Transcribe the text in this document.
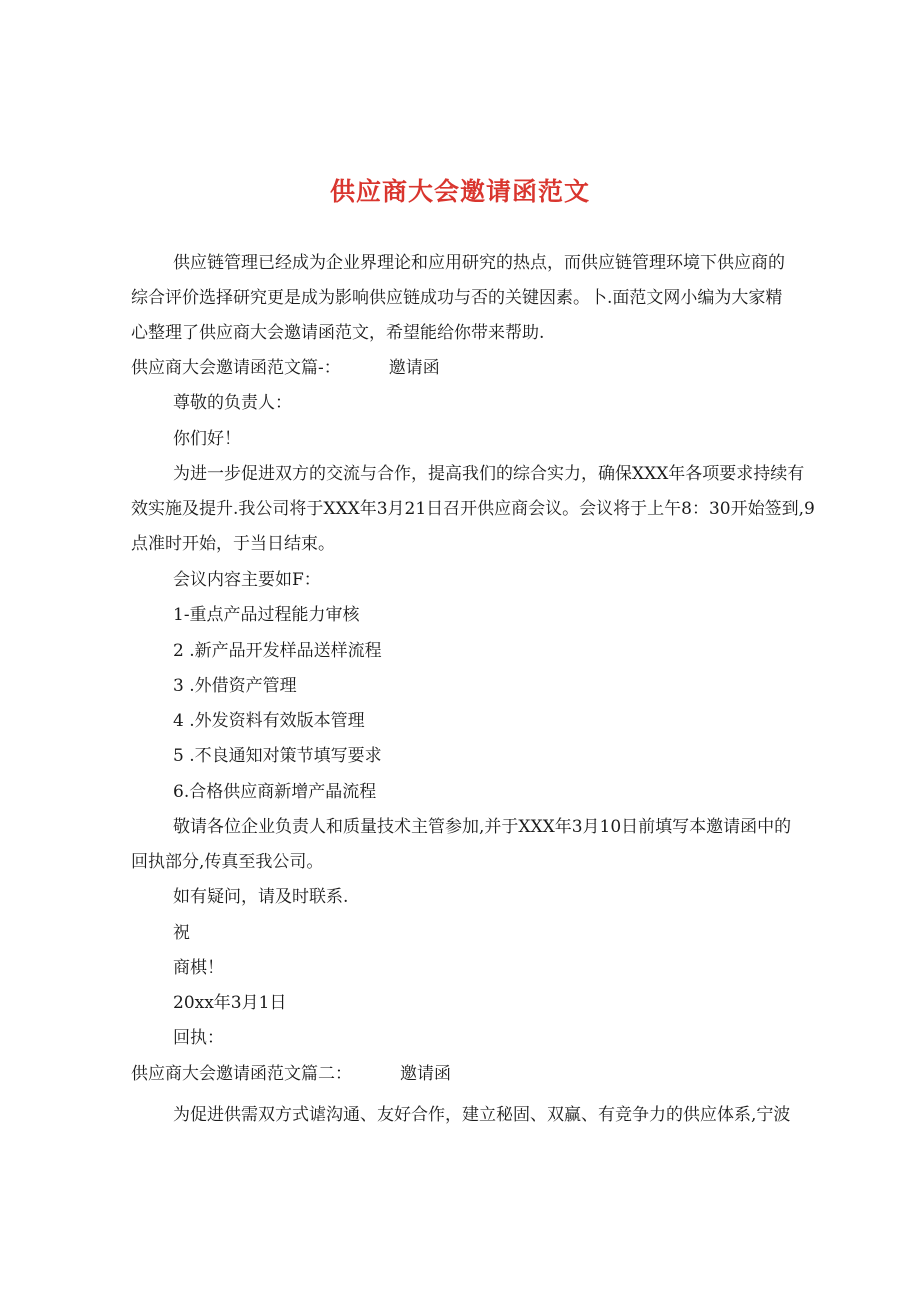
供应商大会邀请函范文

供应链管理已经成为企业界理论和应用研究的热点，而供应链管理环境下供应商的

综合评价选择研究更是成为影响供应链成功与否的关键因素。卜.面范文网小编为大家精

心整理了供应商大会邀请函范文，希望能给你带来帮助.

供应商大会邀请函范文篇-：	邀请函

尊敬的负责人：

你们好！

为进一步促进双方的交流与合作，提高我们的综合实力，确保XXX年各项要求持续有

效实施及提升.我公司将于XXX年3月21日召开供应商会议。会议将于上午8：30开始签到,9

点准时开始，于当日结束。

会议内容主要如F：

1-重点产品过程能力审核

2 .新产品开发样品送样流程

3 .外借资产管理

4 .外发资料有效版本管理

5 .不良通知对策节填写要求

6.合格供应商新增产晶流程

敬请各位企业负责人和质量技术主管参加,并于XXX年3月10日前填写本邀请函中的

回执部分,传真至我公司。

如有疑问，请及时联系.

祝

商棋！

20xx年3月1日

回执：

供应商大会邀请函范文篇二：	邀请函

为促进供需双方式谑沟通、友好合作，建立秘固、双赢、有竞争力的供应体系,宁波
